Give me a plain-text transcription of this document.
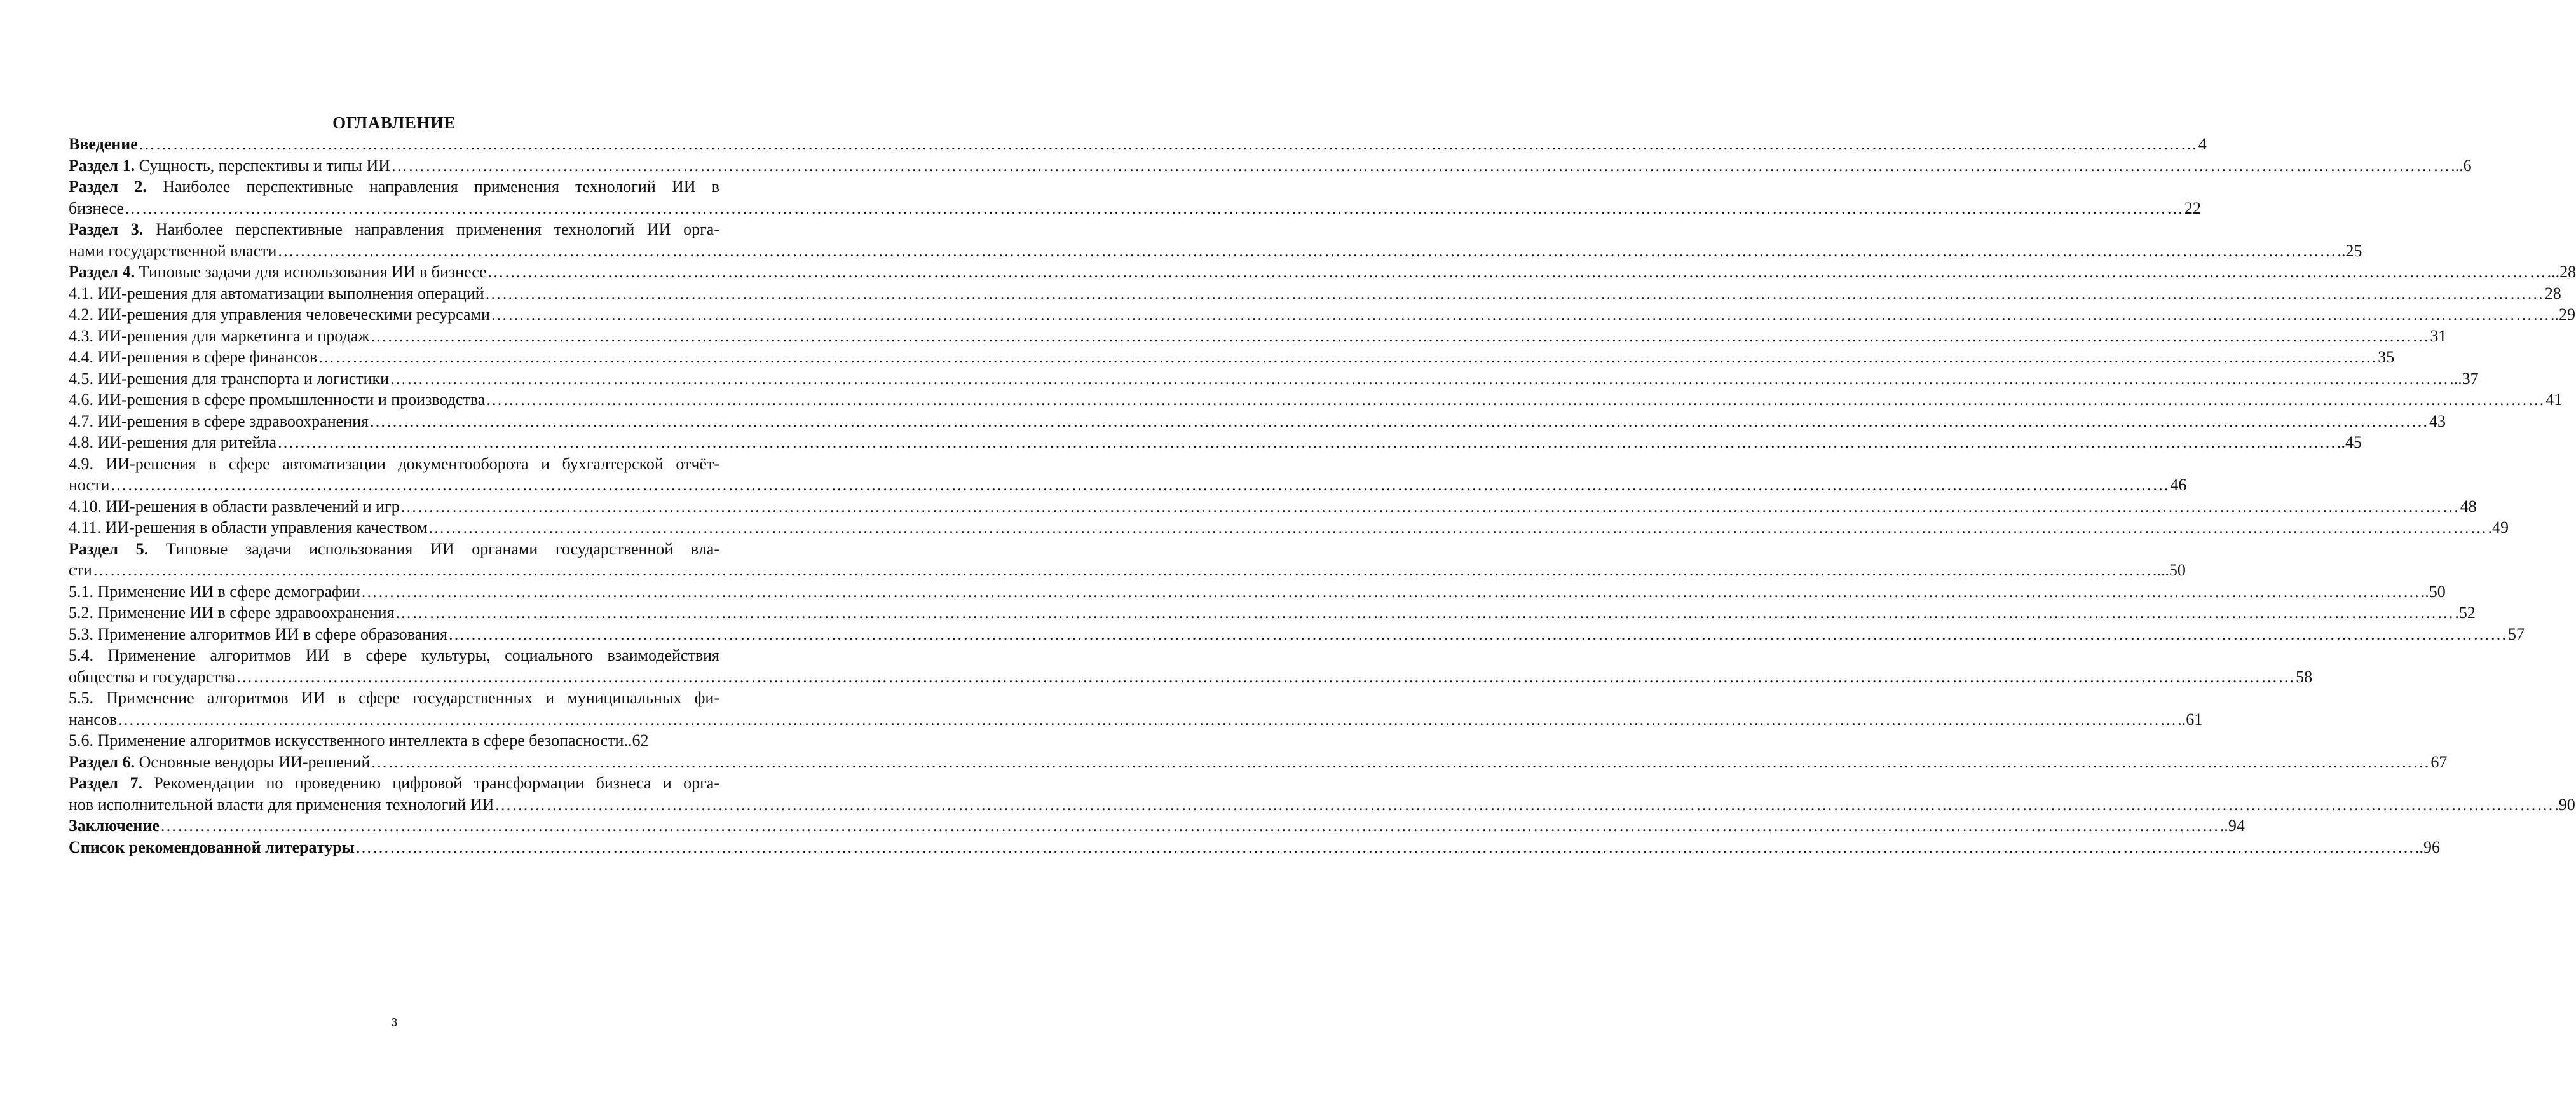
ОГЛАВЛЕНИЕ
Введение ……………………………………………………………………………………………………………………………………………………………………………………………………………………………………………………………………………………………………………………………… 4
Раздел 1. Сущность, перспективы и типы ИИ ……………………………………………………………………………………………………………………………………………………………………………………………………………………………………………………………………………………………………………………………… ...6
Раздел 2. Наиболее перспективные направления применения технологий ИИ в
бизнесе ……………………………………………………………………………………………………………………………………………………………………………………………………………………………………………………………………………………………………………………………… 22
Раздел 3. Наиболее перспективные направления применения технологий ИИ орга-
нами государственной власти ……………………………………………………………………………………………………………………………………………………………………………………………………………………………………………………………………………………………………………………………… ..25
Раздел 4. Типовые задачи для использования ИИ в бизнесе ……………………………………………………………………………………………………………………………………………………………………………………………………………………………………………………………………………………………………………………………… ...28
4.1. ИИ-решения для автоматизации выполнения операций ……………………………………………………………………………………………………………………………………………………………………………………………………………………………………………………………………………………………………………………………… 28
4.2. ИИ-решения для управления человеческими ресурсами ……………………………………………………………………………………………………………………………………………………………………………………………………………………………………………………………………………………………………………………………… ..29
4.3. ИИ-решения для маркетинга и продаж ……………………………………………………………………………………………………………………………………………………………………………………………………………………………………………………………………………………………………………………………… 31
4.4. ИИ-решения в сфере финансов ……………………………………………………………………………………………………………………………………………………………………………………………………………………………………………………………………………………………………………………………… 35
4.5. ИИ-решения для транспорта и логистики ……………………………………………………………………………………………………………………………………………………………………………………………………………………………………………………………………………………………………………………………… ...37
4.6. ИИ-решения в сфере промышленности и производства ……………………………………………………………………………………………………………………………………………………………………………………………………………………………………………………………………………………………………………………………… 41
4.7. ИИ-решения в сфере здравоохранения ……………………………………………………………………………………………………………………………………………………………………………………………………………………………………………………………………………………………………………………………… 43
4.8. ИИ-решения для ритейла ……………………………………………………………………………………………………………………………………………………………………………………………………………………………………………………………………………………………………………………………… ..45
4.9. ИИ-решения в сфере автоматизации документооборота и бухгалтерской отчёт-
ности ……………………………………………………………………………………………………………………………………………………………………………………………………………………………………………………………………………………………………………………………… 46
4.10. ИИ-решения в области развлечений и игр ……………………………………………………………………………………………………………………………………………………………………………………………………………………………………………………………………………………………………………………………… 48
4.11. ИИ-решения в области управления качеством ……………………………………………………………………………………………………………………………………………………………………………………………………………………………………………………………………………………………………………………………… .49
Раздел 5. Типовые задачи использования ИИ органами государственной вла-
сти ……………………………………………………………………………………………………………………………………………………………………………………………………………………………………………………………………………………………………………………………… ....50
5.1. Применение ИИ в сфере демографии ……………………………………………………………………………………………………………………………………………………………………………………………………………………………………………………………………………………………………………………………… ..50
5.2. Применение ИИ в сфере здравоохранения ……………………………………………………………………………………………………………………………………………………………………………………………………………………………………………………………………………………………………………………………… .52
5.3. Применение алгоритмов ИИ в сфере образования ……………………………………………………………………………………………………………………………………………………………………………………………………………………………………………………………………………………………………………………………… 57
5.4. Применение алгоритмов ИИ в сфере культуры, социального взаимодействия
общества и государства ……………………………………………………………………………………………………………………………………………………………………………………………………………………………………………………………………………………………………………………………… 58
5.5. Применение алгоритмов ИИ в сфере государственных и муниципальных фи-
нансов ……………………………………………………………………………………………………………………………………………………………………………………………………………………………………………………………………………………………………………………………… ..61
5.6. Применение алгоритмов искусственного интеллекта в сфере безопасности ..62
Раздел 6. Основные вендоры ИИ-решений ……………………………………………………………………………………………………………………………………………………………………………………………………………………………………………………………………………………………………………………………… 67
Раздел 7. Рекомендации по проведению цифровой трансформации бизнеса и орга-
нов исполнительной власти для применения технологий ИИ ……………………………………………………………………………………………………………………………………………………………………………………………………………………………………………………………………………………………………………………………… .90
Заключение ……………………………………………………………………………………………………………………………………………………………………………………………………………………………………………………………………………………………………………………………… ..94
Список рекомендованной литературы ……………………………………………………………………………………………………………………………………………………………………………………………………………………………………………………………………………………………………………………………… ..96
3
